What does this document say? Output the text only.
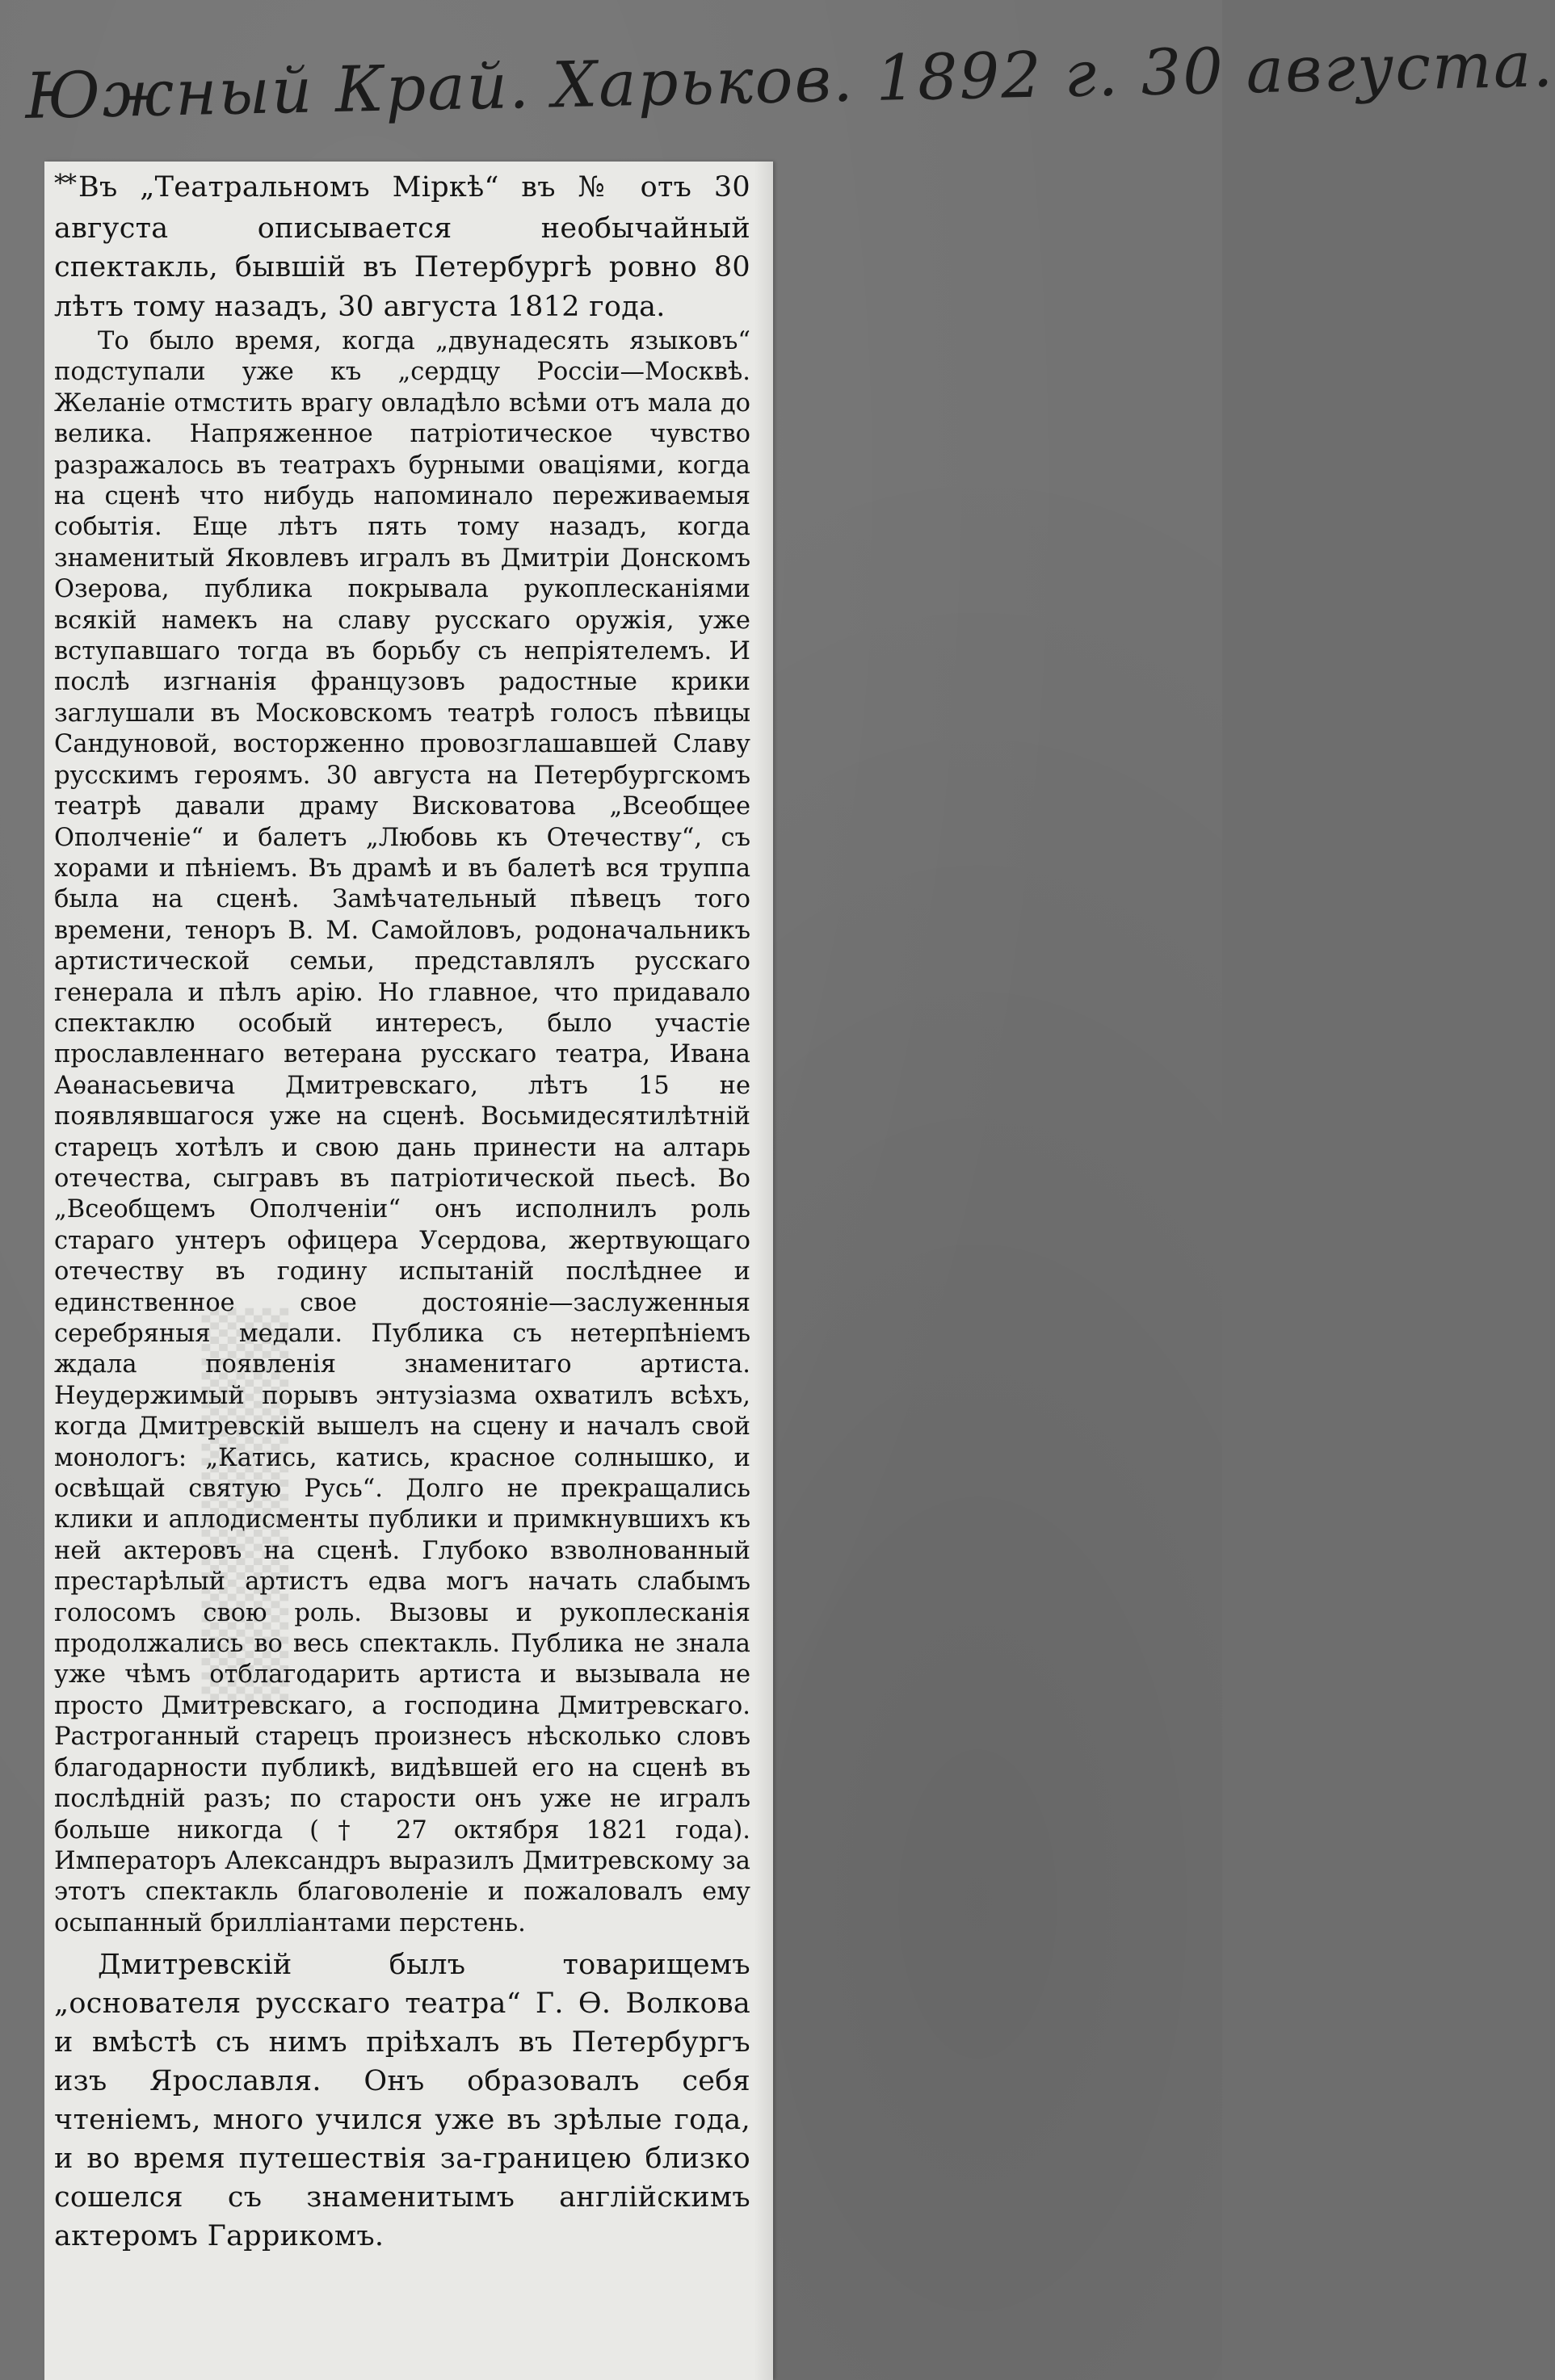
Южный Край. Харьков. 1892 г. 30 августа.
▒▒▒▒▒▒▒

** Въ „Театральномъ Міркѣ“ въ № отъ 30 августа описывается необычайный спектакль, бывшій въ Петербургѣ ровно 80 лѣтъ тому назадъ, 30 августа 1812 года.

То было время, когда „двунадесять языковъ“ подступали уже къ „сердцу Россіи—Москвѣ. Желаніе отмстить врагу овладѣло всѣми отъ мала до велика. Напряженное патріотическое чувство разражалось въ театрахъ бурными оваціями, когда на сценѣ что нибудь напоминало переживаемыя событія. Еще лѣтъ пять тому назадъ, когда знаменитый Яковлевъ игралъ въ Дмитріи Донскомъ Озерова, публика покрывала рукоплесканіями всякій намекъ на славу русскаго оружія, уже вступавшаго тогда въ борьбу съ непріятелемъ. И послѣ изгнанія французовъ радостные крики заглушали въ Московскомъ театрѣ голосъ пѣвицы Сандуновой, восторженно провозглашавшей Славу русскимъ героямъ. 30 августа на Петербургскомъ театрѣ давали драму Висковатова „Всеобщее Ополченіе“ и балетъ „Любовь къ Отечеству“, съ хорами и пѣніемъ. Въ драмѣ и въ балетѣ вся труппа была на сценѣ. Замѣчательный пѣвецъ того времени, теноръ В. М. Самойловъ, родоначальникъ артистической семьи, представлялъ русскаго генерала и пѣлъ арію. Но главное, что придавало спектаклю особый интересъ, было участіе прославленнаго ветерана русскаго театра, Ивана Аѳанасьевича Дмитревскаго, лѣтъ 15 не появлявшагося уже на сценѣ. Восьмидесятилѣтній старецъ хотѣлъ и свою дань принести на алтарь отечества, сыгравъ въ патріотической пьесѣ. Во „Всеобщемъ Ополченіи“ онъ исполнилъ роль стараго унтеръ офицера Усердова, жертвующаго отечеству въ годину испытаній послѣднее и единственное свое достояніе—заслуженныя серебряныя медали. Публика съ нетерпѣніемъ ждала появленія знаменитаго артиста. Неудержимый порывъ энтузіазма охватилъ всѣхъ, когда Дмитревскій вышелъ на сцену и началъ свой монологъ: „Катись, катись, красное солнышко, и освѣщай святую Русь“. Долго не прекращались клики и аплодисменты публики и примкнувшихъ къ ней актеровъ на сценѣ. Глубоко взволнованный престарѣлый артистъ едва могъ начать слабымъ голосомъ свою роль. Вызовы и рукоплесканія продолжались во весь спектакль. Публика не знала уже чѣмъ отблагодарить артиста и вызывала не просто Дмитревскаго, а господина Дмитревскаго. Растроганный старецъ произнесъ нѣсколько словъ благодарности публикѣ, видѣвшей его на сценѣ въ послѣдній разъ; по старости онъ уже не игралъ больше никогда († 27 октября 1821 года). Императоръ Александръ выразилъ Дмитревскому за этотъ спектакль благоволеніе и пожаловалъ ему осыпанный брилліантами перстень.

Дмитревскій былъ товарищемъ „основателя русскаго театра“ Г. Ѳ. Волкова и вмѣстѣ съ нимъ пріѣхалъ въ Петербургъ изъ Ярославля. Онъ образовалъ себя чтеніемъ, много учился уже въ зрѣлые года, и во время путешествія за-границею близко сошелся съ знаменитымъ англійскимъ актеромъ Гаррикомъ.
